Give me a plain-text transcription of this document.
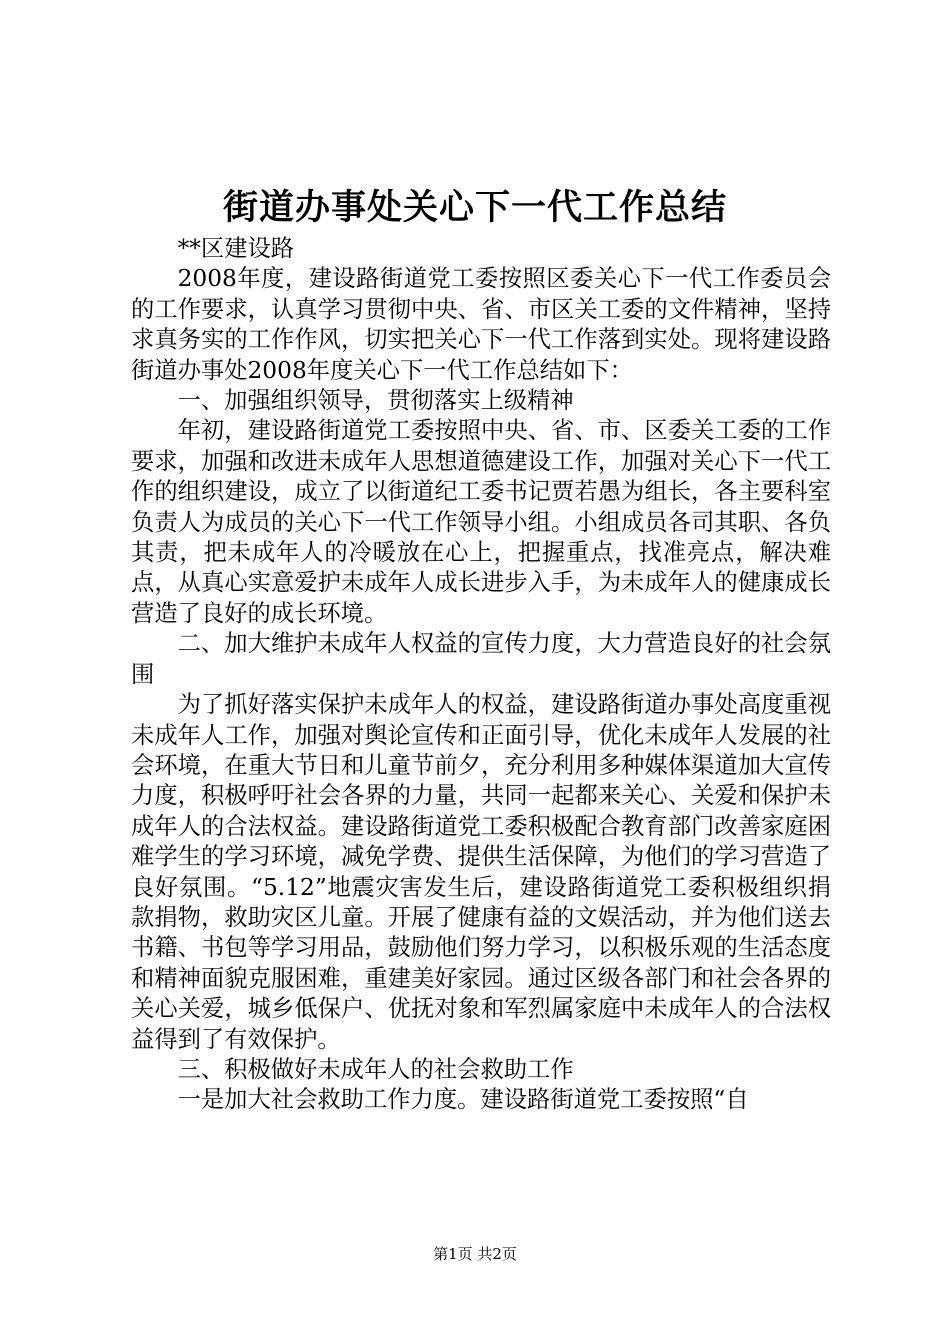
街道办事处关心下一代工作总结

**区建设路

2008年度，建设路街道党工委按照区委关心下一代工作委员会的工作要求，认真学习贯彻中央、省、市区关工委的文件精神，坚持求真务实的工作作风，切实把关心下一代工作落到实处。现将建设路街道办事处2008年度关心下一代工作总结如下：

一、加强组织领导，贯彻落实上级精神

年初，建设路街道党工委按照中央、省、市、区委关工委的工作要求，加强和改进未成年人思想道德建设工作，加强对关心下一代工作的组织建设，成立了以街道纪工委书记贾若愚为组长，各主要科室负责人为成员的关心下一代工作领导小组。小组成员各司其职、各负其责，把未成年人的冷暖放在心上，把握重点，找准亮点，解决难点，从真心实意爱护未成年人成长进步入手，为未成年人的健康成长营造了良好的成长环境。

二、加大维护未成年人权益的宣传力度，大力营造良好的社会氛围

为了抓好落实保护未成年人的权益，建设路街道办事处高度重视未成年人工作，加强对舆论宣传和正面引导，优化未成年人发展的社会环境，在重大节日和儿童节前夕，充分利用多种媒体渠道加大宣传力度，积极呼吁社会各界的力量，共同一起都来关心、关爱和保护未成年人的合法权益。建设路街道党工委积极配合教育部门改善家庭困难学生的学习环境，减免学费、提供生活保障，为他们的学习营造了良好氛围。“5.12”地震灾害发生后，建设路街道党工委积极组织捐款捐物，救助灾区儿童。开展了健康有益的文娱活动，并为他们送去书籍、书包等学习用品，鼓励他们努力学习，以积极乐观的生活态度和精神面貌克服困难，重建美好家园。通过区级各部门和社会各界的关心关爱，城乡低保户、优抚对象和军烈属家庭中未成年人的合法权益得到了有效保护。

三、积极做好未成年人的社会救助工作

一是加大社会救助工作力度。建设路街道党工委按照“自

第1页 共2页
